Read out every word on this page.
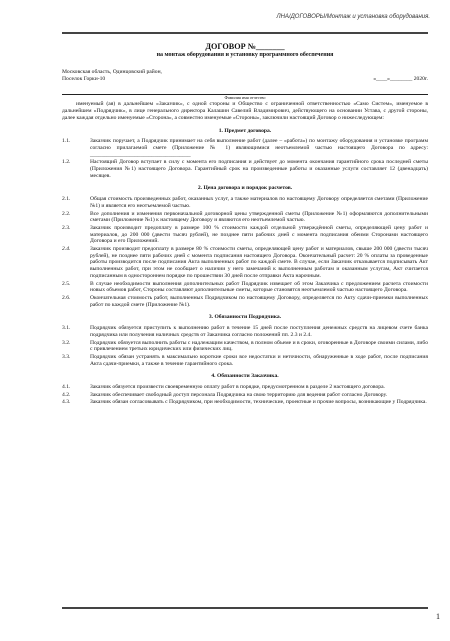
ЛНА/ДОГОВОРЫ/Монтаж и установка оборудования.
ДОГОВОР №_______
на монтаж оборудования и установку программного обеспечения
Московская область, Одинцовский район,
Поселок Горки-10	«____»________ 2020г.
Фамилия имя отчество
именуемый (ая) в дальнейшем «Заказчик», с одной стороны и Общество с ограниченной ответственностью «Само Систем», именуемое в дальнейшем «Подрядчик», в лице генерального директора Калашин Савелий Владимирович, действующего на основании Устава, с другой стороны, далее каждая отдельно именуемые «Сторона», а совместно именуемые «Стороны», заключили настоящий Договор о нижеследующем:
1. Предмет договора.
1.1.	Заказчик поручает, а Подрядчик принимает на себя выполнение работ (далее – «работа») по монтажу оборудования и установке программ согласно прилагаемой смете (Приложение № 1) являющимися неотъемлемой частью настоящего Договора по адресу: ____________________________________
1.2.	Настоящий Договор вступает в силу с момента его подписания и действует до момента окончания гарантийного срока последней сметы (Приложения №1) настоящего Договора. Гарантийный срок на произведенные работы и оказанные услуги составляет 12 (двенадцать) месяцев.
2. Цена договора и порядок расчетов.
2.1.	Общая стоимость произведенных работ, оказанных услуг, а также материалов по настоящему Договору определяется сметами (Приложение №1) и является его неотъемлемой частью.
2.2.	Все дополнения и изменения первоначальной договорной цены утвержденной сметы (Приложение №1) оформляются дополнительными сметами (Приложение №1) к настоящему Договору и являются его неотъемлемой частью.
2.3.	Заказчик производит предоплату в размере 100 % стоимости каждой отдельной утверждённой сметы, определяющей цену работ и материалов, до 200 000 (двести тысяч рублей), не позднее пяти рабочих дней с момента подписания обеими Сторонами настоящего Договора и его Приложений.
2.4.	Заказчик производит предоплату в размере 80 % стоимости сметы, определяющей цену работ и материалов, свыше 200 000 (двести тысяч рублей), не позднее пяти рабочих дней с момента подписания настоящего Договора. Окончательный расчет: 20 % оплаты за проведенные работы производится после подписания Акта выполненных работ по каждой смете. В случае, если Заказчик отказывается подписывать Акт выполненных работ, при этом не сообщает о наличии у него замечаний к выполненным работам и оказанным услугам, Акт считается подписанным в одностороннем порядке по прошествии 30 дней после отправки Акта нарочным.
2.5.	В случае необходимости выполнения дополнительных работ Подрядчик извещает об этом Заказчика с предложением расчета стоимости новых объемов работ, Стороны составляют дополнительные сметы, которые становятся неотъемлемой частью настоящего Договора.
2.6.	Окончательная стоимость работ, выполненных Подрядчиком по настоящему Договору, определяется по Акту сдачи-приемки выполненных работ по каждой смете (Приложение №1).
3. Обязанности Подрядчика.
3.1.	Подрядчик обязуется приступить к выполнению работ в течение 15 дней после поступления денежных средств на лицевом счете банка подрядчика или получения наличных средств от Заказчика согласно положений пп. 2.3 и 2.4.
3.2.	Подрядчик обязуется выполнить работы с надлежащим качеством, в полном объеме и в сроки, оговоренные в Договоре своими силами, либо с привлечением третьих юридических или физических лиц.
3.3.	Подрядчик обязан устранять в максимально короткие сроки все недостатки и неточности, обнаруженные в ходе работ, после подписания Акта сдачи-приемки, а также в течение гарантийного срока.
4. Обязанности Заказчика.
4.1.	Заказчик обязуется произвести своевременную оплату работ в порядке, предусмотренном в разделе 2 настоящего договора.
4.2.	Заказчик обеспечивает свободный доступ персонала Подрядчика на свою территорию для ведения работ согласно Договору.
4.3.	Заказчик обязан согласовывать с Подрядчиком, при необходимости, технические, проектные и прочие вопросы, возникающие у Подрядчика.
1
